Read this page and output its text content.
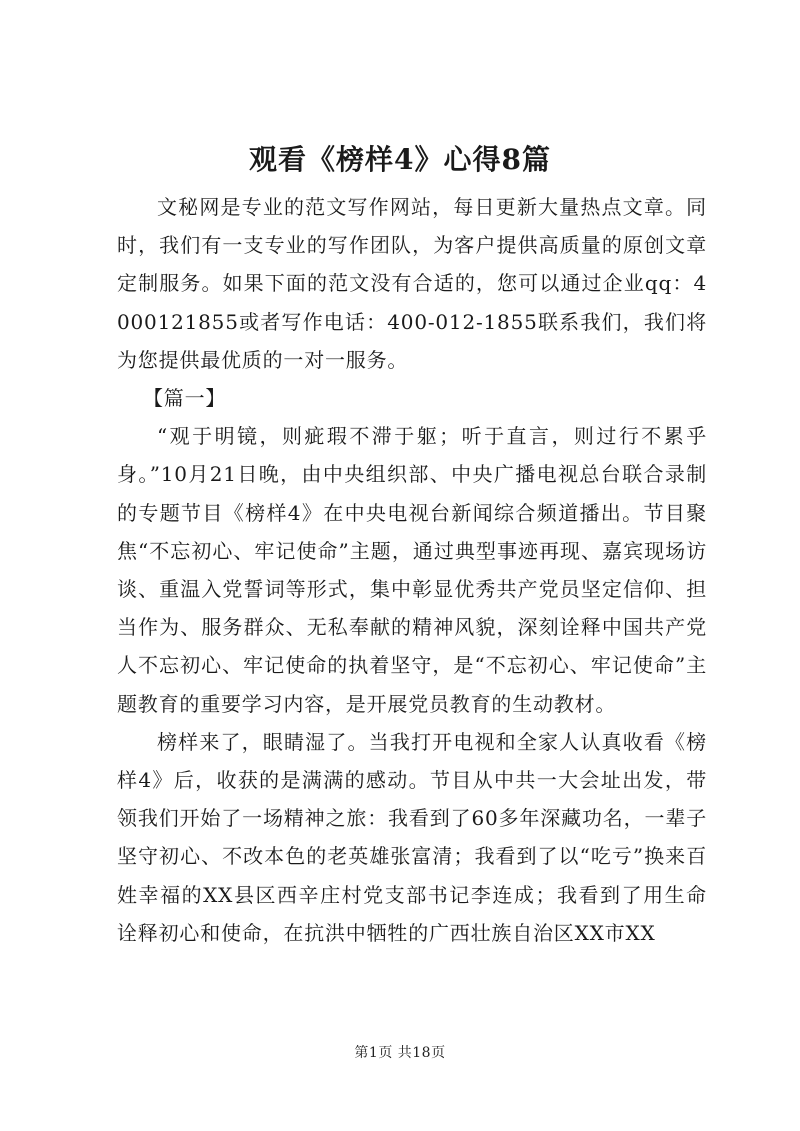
观看《榜样4》心得8篇

文秘网是专业的范文写作网站，每日更新大量热点文章。同时，我们有一支专业的写作团队，为客户提供高质量的原创文章定制服务。如果下面的范文没有合适的，您可以通过企业qq：4000121855或者写作电话：400-012-1855联系我们，我们将为您提供最优质的一对一服务。

【篇一】

“观于明镜，则疵瑕不滞于躯；听于直言，则过行不累乎身。”10月21日晚，由中央组织部、中央广播电视总台联合录制的专题节目《榜样4》在中央电视台新闻综合频道播出。节目聚焦“不忘初心、牢记使命”主题，通过典型事迹再现、嘉宾现场访谈、重温入党誓词等形式，集中彰显优秀共产党员坚定信仰、担当作为、服务群众、无私奉献的精神风貌，深刻诠释中国共产党人不忘初心、牢记使命的执着坚守，是“不忘初心、牢记使命”主题教育的重要学习内容，是开展党员教育的生动教材。

榜样来了，眼睛湿了。当我打开电视和全家人认真收看《榜样4》后，收获的是满满的感动。节目从中共一大会址出发，带领我们开始了一场精神之旅：我看到了60多年深藏功名，一辈子坚守初心、不改本色的老英雄张富清；我看到了以“吃亏”换来百姓幸福的XX县区西辛庄村党支部书记李连成；我看到了用生命诠释初心和使命，在抗洪中牺牲的广西壮族自治区XX市XX

第1页 共18页
